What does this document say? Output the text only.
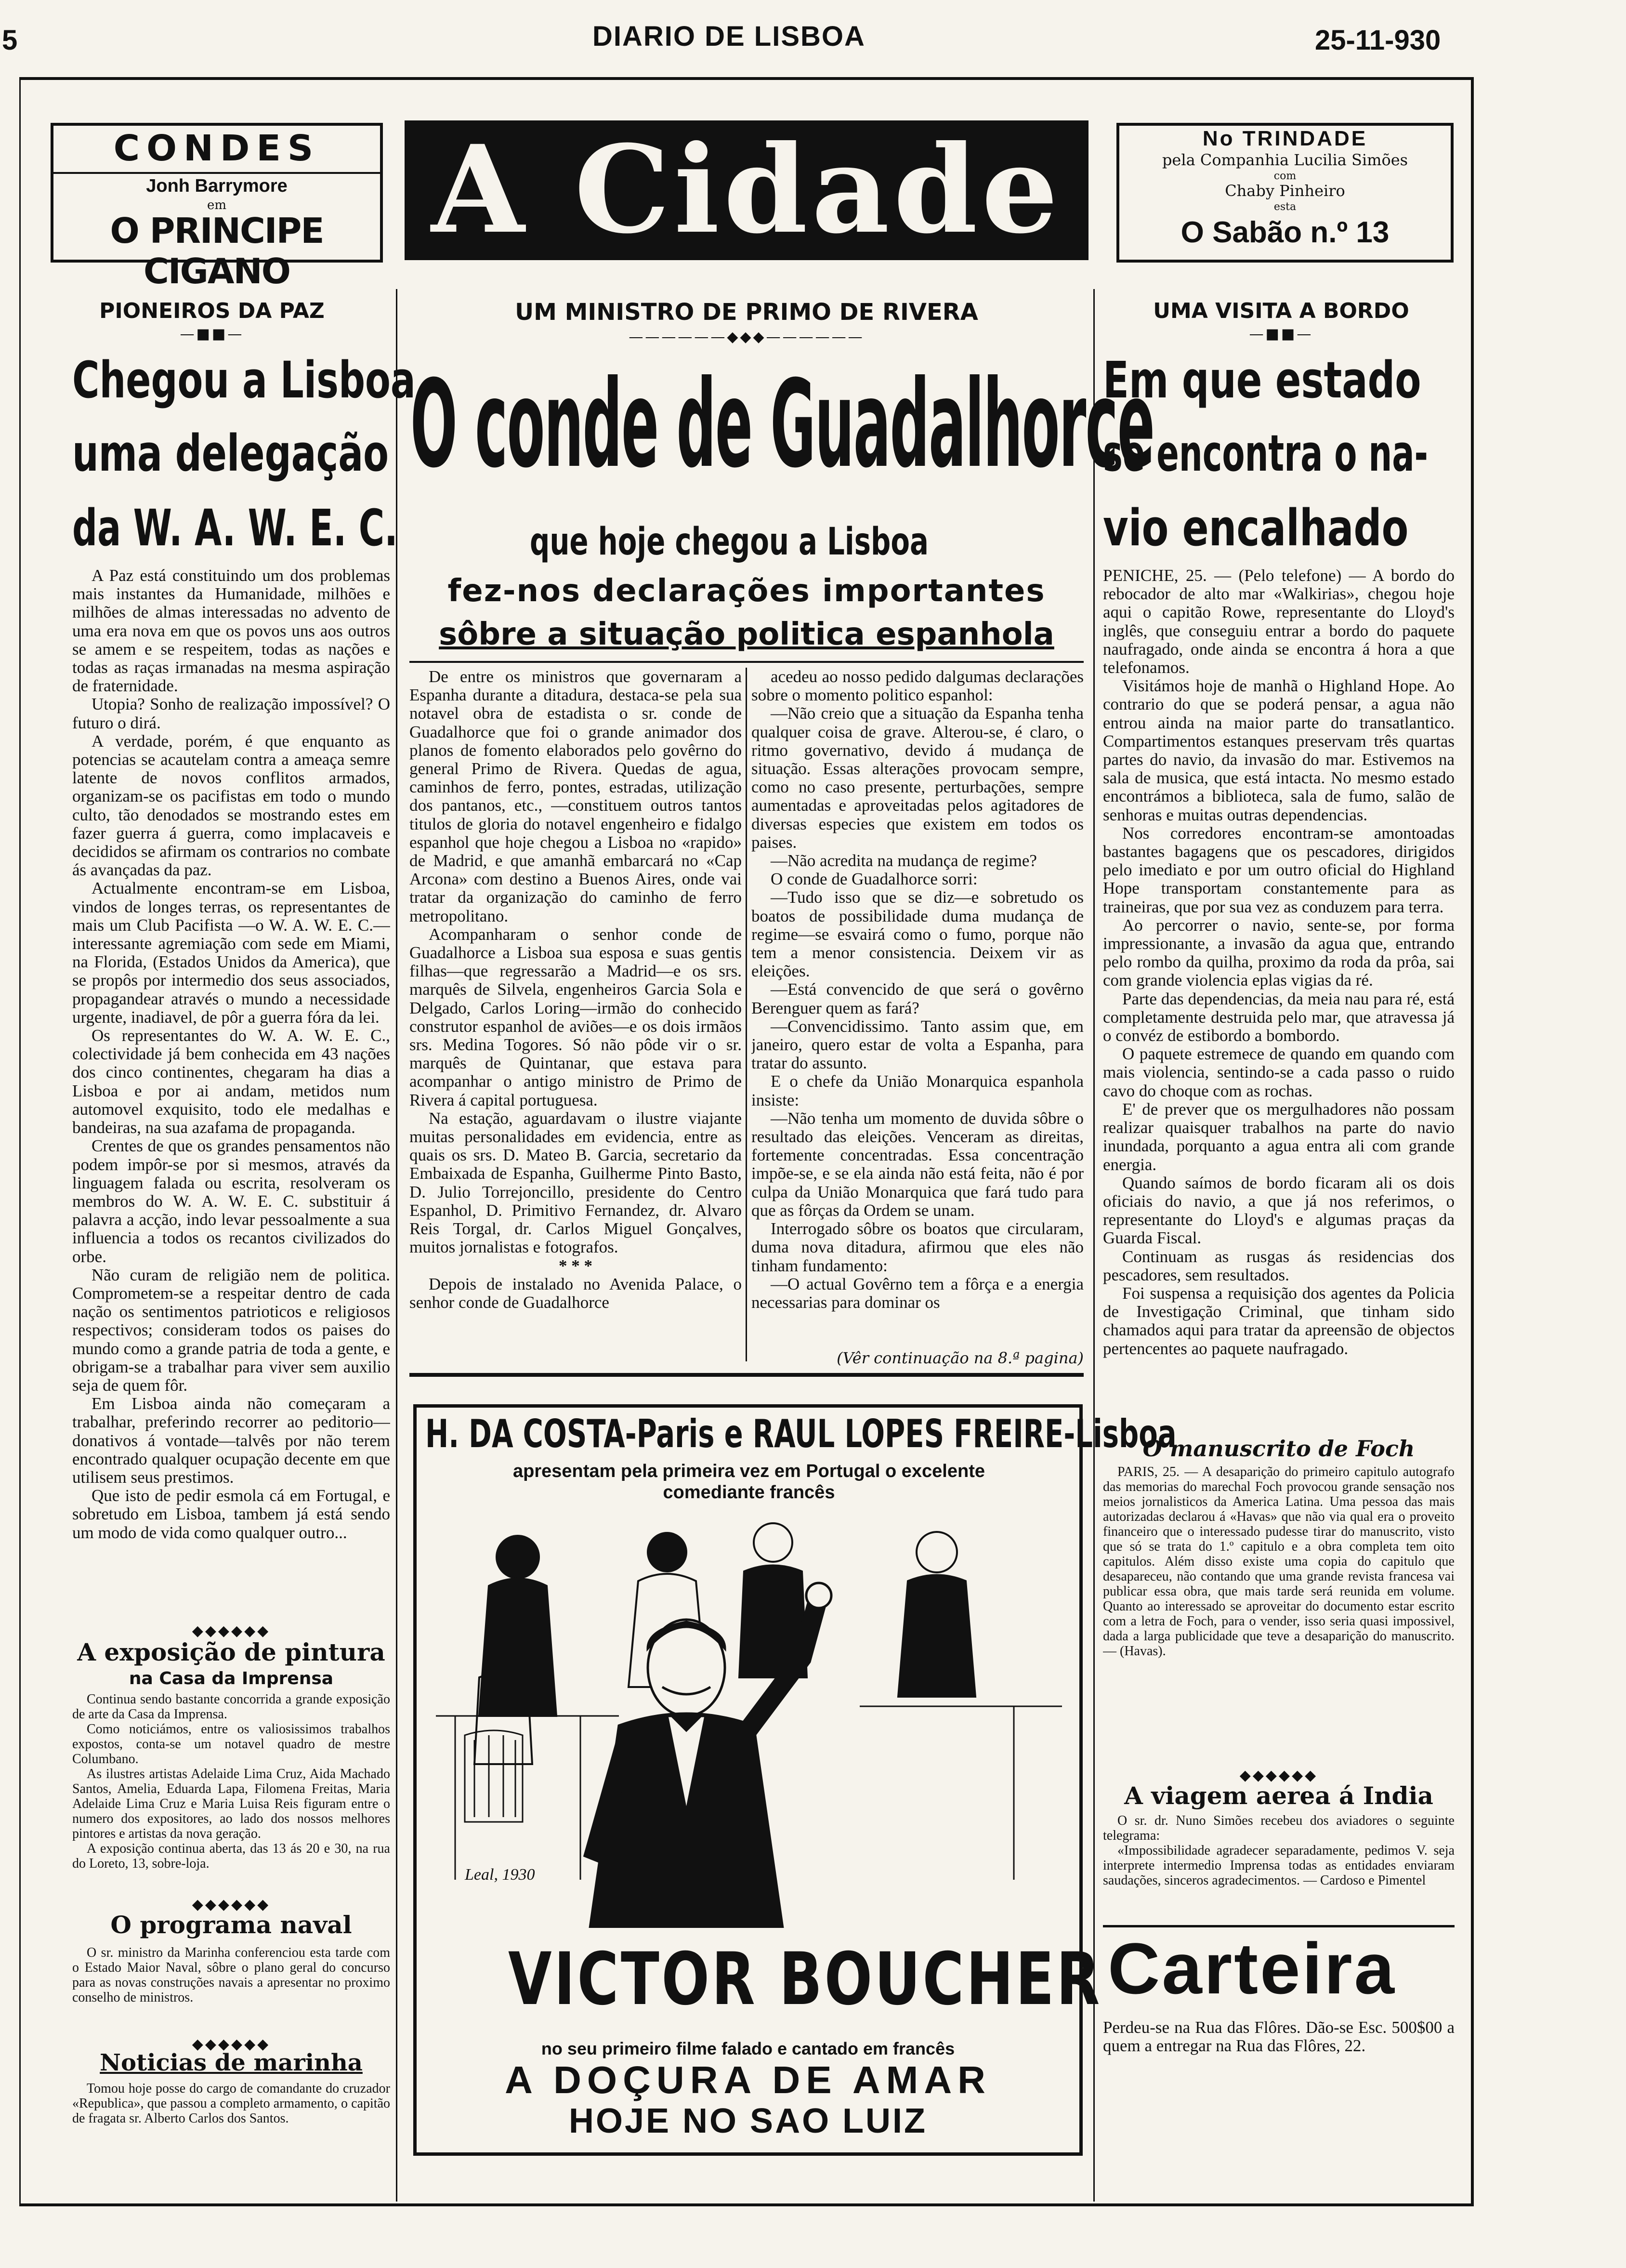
5	DIARIO DE LISBOA	25-11-930
CONDES
Jonh Barrymore
em
O PRINCIPE CIGANO
A Cidade	No TRINDADE
pela Companhia Lucilia Simões
com
Chaby Pinheiro
esta
O Sabão n.º 13
PIONEIROS DA PAZ
—■■—
Chegou a Lisboa
uma delegação
da W. A. W. E. C.

A Paz está constituindo um dos problemas mais instantes da Humanidade, milhões e milhões de almas interessadas no advento de uma era nova em que os povos uns aos outros se amem e se respeitem, todas as nações e todas as raças irmanadas na mesma aspiração de fraternidade.

Utopia? Sonho de realização impossível? O futuro o dirá.

A verdade, porém, é que enquanto as potencias se acautelam contra a ameaça semre latente de novos conflitos armados, organizam-se os pacifistas em todo o mundo culto, tão denodados se mostrando estes em fazer guerra á guerra, como implacaveis e decididos se afirmam os contrarios no combate ás avançadas da paz.

Actualmente encontram-se em Lisboa, vindos de longes terras, os representantes de mais um Club Pacifista —o W. A. W. E. C.—interessante agremiação com sede em Miami, na Florida, (Estados Unidos da America), que se propôs por intermedio dos seus associados, propagandear através o mundo a necessidade urgente, inadiavel, de pôr a guerra fóra da lei.

Os representantes do W. A. W. E. C., colectividade já bem conhecida em 43 nações dos cinco continentes, chegaram ha dias a Lisboa e por ai andam, metidos num automovel exquisito, todo ele medalhas e bandeiras, na sua azafama de propaganda.

Crentes de que os grandes pensamentos não podem impôr-se por si mesmos, através da linguagem falada ou escrita, resolveram os membros do W. A. W. E. C. substituir á palavra a acção, indo levar pessoalmente a sua influencia a todos os recantos civilizados do orbe.

Não curam de religião nem de politica. Comprometem-se a respeitar dentro de cada nação os sentimentos patrioticos e religiosos respectivos; consideram todos os paises do mundo como a grande patria de toda a gente, e obrigam-se a trabalhar para viver sem auxilio seja de quem fôr.

Em Lisboa ainda não começaram a trabalhar, preferindo recorrer ao peditorio—donativos á vontade—talvês por não terem encontrado qualquer ocupação decente em que utilisem seus prestimos.

Que isto de pedir esmola cá em Fortugal, e sobretudo em Lisboa, tambem já está sendo um modo de vida como qualquer outro...

◆◆◆◆◆◆
A exposição de pintura
na Casa da Imprensa

Continua sendo bastante concorrida a grande exposição de arte da Casa da Imprensa.

Como noticiámos, entre os valiosissimos trabalhos expostos, conta-se um notavel quadro de mestre Columbano.

As ilustres artistas Adelaide Lima Cruz, Aida Machado Santos, Amelia, Eduarda Lapa, Filomena Freitas, Maria Adelaide Lima Cruz e Maria Luisa Reis figuram entre o numero dos expositores, ao lado dos nossos melhores pintores e artistas da nova geração.

A exposição continua aberta, das 13 ás 20 e 30, na rua do Loreto, 13, sobre-loja.

◆◆◆◆◆◆
O programa naval

O sr. ministro da Marinha conferenciou esta tarde com o Estado Maior Naval, sôbre o plano geral do concurso para as novas construções navais a apresentar no proximo conselho de ministros.

◆◆◆◆◆◆
Noticias de marinha

Tomou hoje posse do cargo de comandante do cruzador «Republica», que passou a completo armamento, o capitão de fragata sr. Alberto Carlos dos Santos.

UM MINISTRO DE PRIMO DE RIVERA
——————◆◆◆——————
O conde de Guadalhorce
que hoje chegou a Lisboa
fez-nos declarações importantes
sôbre a situação politica espanhola

De entre os ministros que governaram a Espanha durante a ditadura, destaca-se pela sua notavel obra de estadista o sr. conde de Guadalhorce que foi o grande animador dos planos de fomento elaborados pelo govêrno do general Primo de Rivera. Quedas de agua, caminhos de ferro, pontes, estradas, utilização dos pantanos, etc., —constituem outros tantos titulos de gloria do notavel engenheiro e fidalgo espanhol que hoje chegou a Lisboa no «rapido» de Madrid, e que amanhã embarcará no «Cap Arcona» com destino a Buenos Aires, onde vai tratar da organização do caminho de ferro metropolitano.

Acompanharam o senhor conde de Guadalhorce a Lisboa sua esposa e suas gentis filhas—que regressarão a Madrid—e os srs. marquês de Silvela, engenheiros Garcia Sola e Delgado, Carlos Loring—irmão do conhecido construtor espanhol de aviões—e os dois irmãos srs. Medina Togores. Só não pôde vir o sr. marquês de Quintanar, que estava para acompanhar o antigo ministro de Primo de Rivera á capital portuguesa.

Na estação, aguardavam o ilustre viajante muitas personalidades em evidencia, entre as quais os srs. D. Mateo B. Garcia, secretario da Embaixada de Espanha, Guilherme Pinto Basto, D. Julio Torrejoncillo, presidente do Centro Espanhol, D. Primitivo Fernandez, dr. Alvaro Reis Torgal, dr. Carlos Miguel Gonçalves, muitos jornalistas e fotografos.

* * *

Depois de instalado no Avenida Palace, o senhor conde de Guadalhorce

acedeu ao nosso pedido dalgumas declarações sobre o momento politico espanhol:

—Não creio que a situação da Espanha tenha qualquer coisa de grave. Alterou-se, é claro, o ritmo governativo, devido á mudança de situação. Essas alterações provocam sempre, como no caso presente, perturbações, sempre aumentadas e aproveitadas pelos agitadores de diversas especies que existem em todos os paises.

—Não acredita na mudança de regime?

O conde de Guadalhorce sorri:

—Tudo isso que se diz—e sobretudo os boatos de possibilidade duma mudança de regime—se esvairá como o fumo, porque não tem a menor consistencia. Deixem vir as eleições.

—Está convencido de que será o govêrno Berenguer quem as fará?

—Convencidissimo. Tanto assim que, em janeiro, quero estar de volta a Espanha, para tratar do assunto.

E o chefe da União Monarquica espanhola insiste:

—Não tenha um momento de duvida sôbre o resultado das eleições. Venceram as direitas, fortemente concentradas. Essa concentração impõe-se, e se ela ainda não está feita, não é por culpa da União Monarquica que fará tudo para que as fôrças da Ordem se unam.

Interrogado sôbre os boatos que circularam, duma nova ditadura, afirmou que eles não tinham fundamento:

—O actual Govêrno tem a fôrça e a energia necessarias para dominar os

(Vêr continuação na 8.ª pagina)
H. DA COSTA-Paris e RAUL LOPES FREIRE-Lisboa
apresentam pela primeira vez em Portugal o excelente comediante francês
Leal, 1930
VICTOR BOUCHER
no seu primeiro filme falado e cantado em francês
A DOÇURA DE AMAR
HOJE NO SAO LUIZ
UMA VISITA A BORDO
—■■—
Em que estado
se encontra o na-
vio encalhado

PENICHE, 25. — (Pelo telefone) — A bordo do rebocador de alto mar «Walkirias», chegou hoje aqui o capitão Rowe, representante do Lloyd's inglês, que conseguiu entrar a bordo do paquete naufragado, onde ainda se encontra á hora a que telefonamos.

Visitámos hoje de manhã o Highland Hope. Ao contrario do que se poderá pensar, a agua não entrou ainda na maior parte do transatlantico. Compartimentos estanques preservam três quartas partes do navio, da invasão do mar. Estivemos na sala de musica, que está intacta. No mesmo estado encontrámos a biblioteca, sala de fumo, salão de senhoras e muitas outras dependencias.

Nos corredores encontram-se amontoadas bastantes bagagens que os pescadores, dirigidos pelo imediato e por um outro oficial do Highland Hope transportam constantemente para as traineiras, que por sua vez as conduzem para terra.

Ao percorrer o navio, sente-se, por forma impressionante, a invasão da agua que, entrando pelo rombo da quilha, proximo da roda da prôa, sai com grande violencia eplas vigias da ré.

Parte das dependencias, da meia nau para ré, está completamente destruida pelo mar, que atravessa já o convéz de estibordo a bombordo.

O paquete estremece de quando em quando com mais violencia, sentindo-se a cada passo o ruido cavo do choque com as rochas.

E' de prever que os mergulhadores não possam realizar quaisquer trabalhos na parte do navio inundada, porquanto a agua entra ali com grande energia.

Quando saímos de bordo ficaram ali os dois oficiais do navio, a que já nos referimos, o representante do Lloyd's e algumas praças da Guarda Fiscal.

Continuam as rusgas ás residencias dos pescadores, sem resultados.

Foi suspensa a requisição dos agentes da Policia de Investigação Criminal, que tinham sido chamados aqui para tratar da apreensão de objectos pertencentes ao paquete naufragado.

O manuscrito de Foch

PARIS, 25. — A desaparição do primeiro capitulo autografo das memorias do marechal Foch provocou grande sensação nos meios jornalisticos da America Latina. Uma pessoa das mais autorizadas declarou á «Havas» que não via qual era o proveito financeiro que o interessado pudesse tirar do manuscrito, visto que só se trata do 1.º capitulo e a obra completa tem oito capitulos. Além disso existe uma copia do capitulo que desapareceu, não contando que uma grande revista francesa vai publicar essa obra, que mais tarde será reunida em volume. Quanto ao interessado se aproveitar do documento estar escrito com a letra de Foch, para o vender, isso seria quasi impossivel, dada a larga publicidade que teve a desaparição do manuscrito. — (Havas).

◆◆◆◆◆◆
A viagem aerea á India

O sr. dr. Nuno Simões recebeu dos aviadores o seguinte telegrama:

«Impossibilidade agradecer separadamente, pedimos V. seja interprete intermedio Imprensa todas as entidades enviaram saudações, sinceros agradecimentos. — Cardoso e Pimentel

Carteira
Perdeu-se na Rua das Flôres. Dão-se Esc. 500$00 a quem a entregar na Rua das Flôres, 22.
